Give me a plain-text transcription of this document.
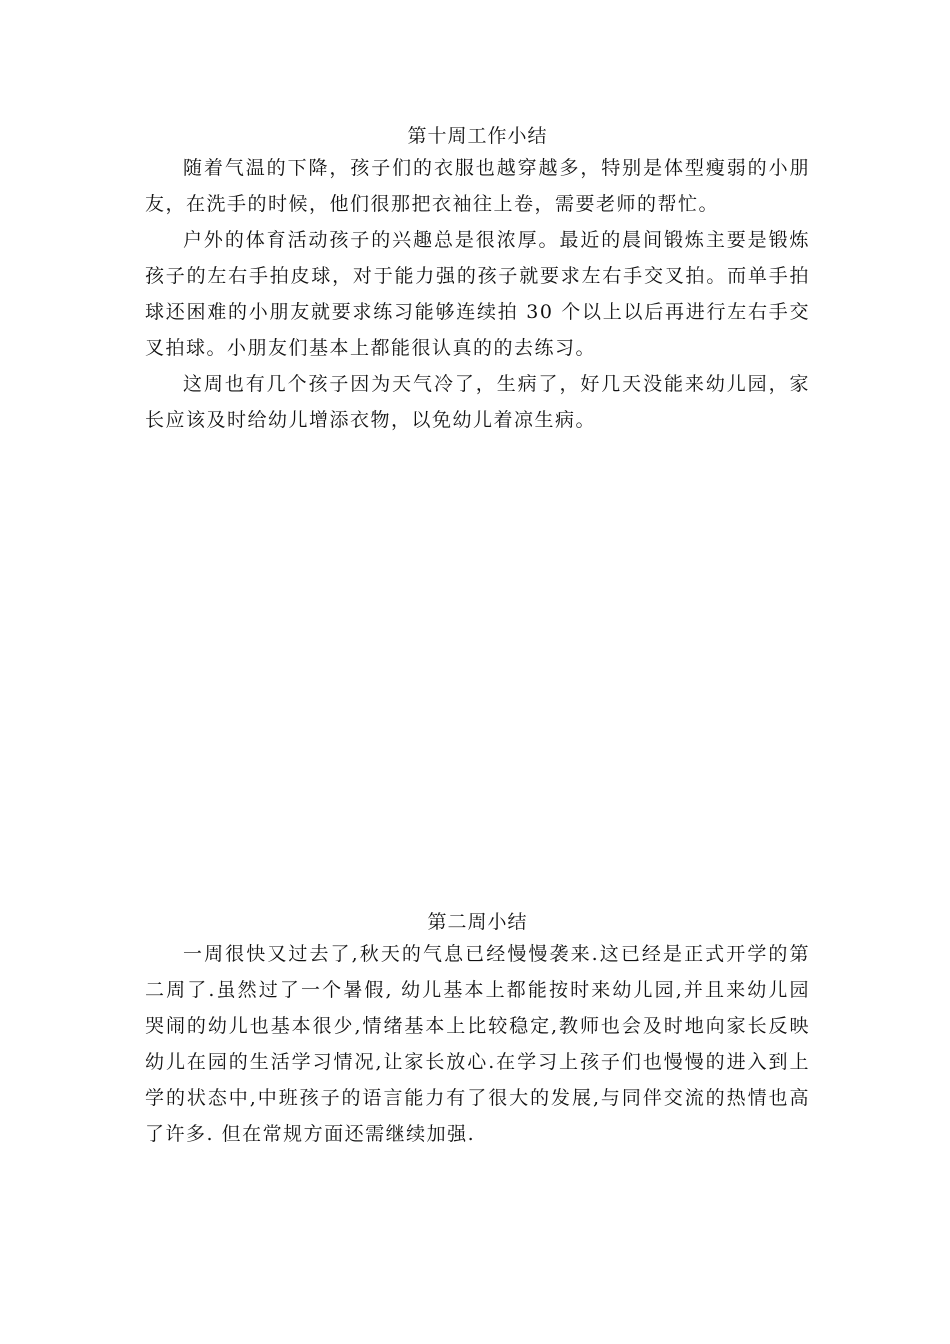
第十周工作小结

随着气温的下降，孩子们的衣服也越穿越多，特别是体型瘦弱的小朋友，在洗手的时候，他们很那把衣袖往上卷，需要老师的帮忙。

户外的体育活动孩子的兴趣总是很浓厚。最近的晨间锻炼主要是锻炼孩子的左右手拍皮球，对于能力强的孩子就要求左右手交叉拍。而单手拍球还困难的小朋友就要求练习能够连续拍 30 个以上以后再进行左右手交叉拍球。小朋友们基本上都能很认真的的去练习。

这周也有几个孩子因为天气冷了，生病了，好几天没能来幼儿园，家长应该及时给幼儿增添衣物，以免幼儿着凉生病。

第二周小结

一周很快又过去了,秋天的气息已经慢慢袭来.这已经是正式开学的第二周了.虽然过了一个暑假, 幼儿基本上都能按时来幼儿园,并且来幼儿园哭闹的幼儿也基本很少,情绪基本上比较稳定,教师也会及时地向家长反映幼儿在园的生活学习情况,让家长放心.在学习上孩子们也慢慢的进入到上学的状态中,中班孩子的语言能力有了很大的发展,与同伴交流的热情也高了许多. 但在常规方面还需继续加强.
